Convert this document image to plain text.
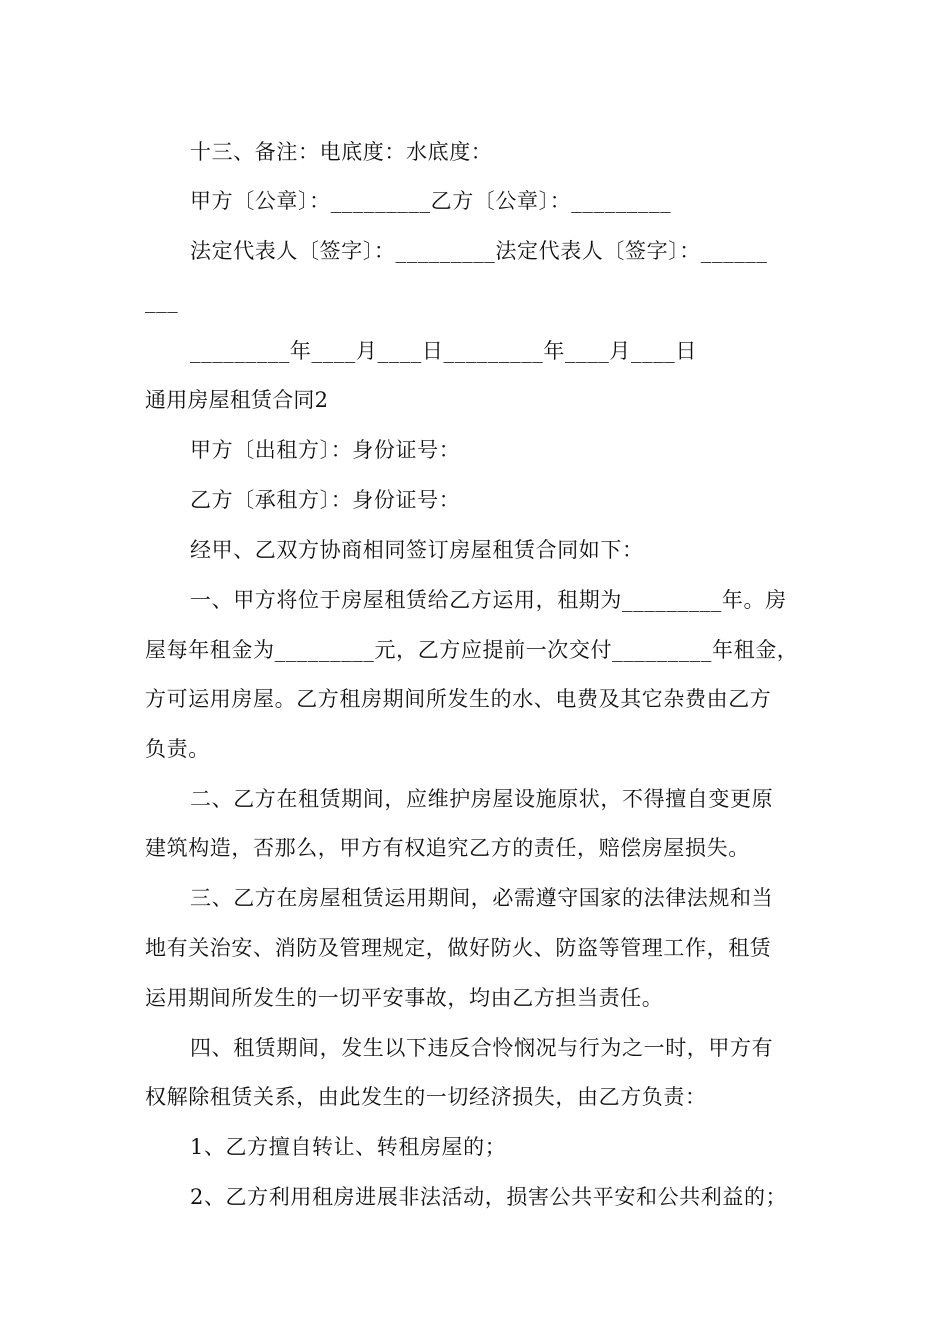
十三、备注：电底度：水底度：
甲方〔公章〕：_________乙方〔公章〕：_________
法定代表人〔签字〕：_________法定代表人〔签字〕：______
___
_________年____月____日_________年____月____日
通用房屋租赁合同2
甲方〔出租方〕：身份证号：
乙方〔承租方〕：身份证号：
经甲、乙双方协商相同签订房屋租赁合同如下：
一、甲方将位于房屋租赁给乙方运用，租期为_________年。房
屋每年租金为_________元，乙方应提前一次交付_________年租金，
方可运用房屋。乙方租房期间所发生的水、电费及其它杂费由乙方
负责。
二、乙方在租赁期间，应维护房屋设施原状，不得擅自变更原
建筑构造，否那么，甲方有权追究乙方的责任，赔偿房屋损失。
三、乙方在房屋租赁运用期间，必需遵守国家的法律法规和当
地有关治安、消防及管理规定，做好防火、防盗等管理工作，租赁
运用期间所发生的一切平安事故，均由乙方担当责任。
四、租赁期间，发生以下违反合怜悯况与行为之一时，甲方有
权解除租赁关系，由此发生的一切经济损失，由乙方负责：
1、乙方擅自转让、转租房屋的；
2、乙方利用租房进展非法活动，损害公共平安和公共利益的；
